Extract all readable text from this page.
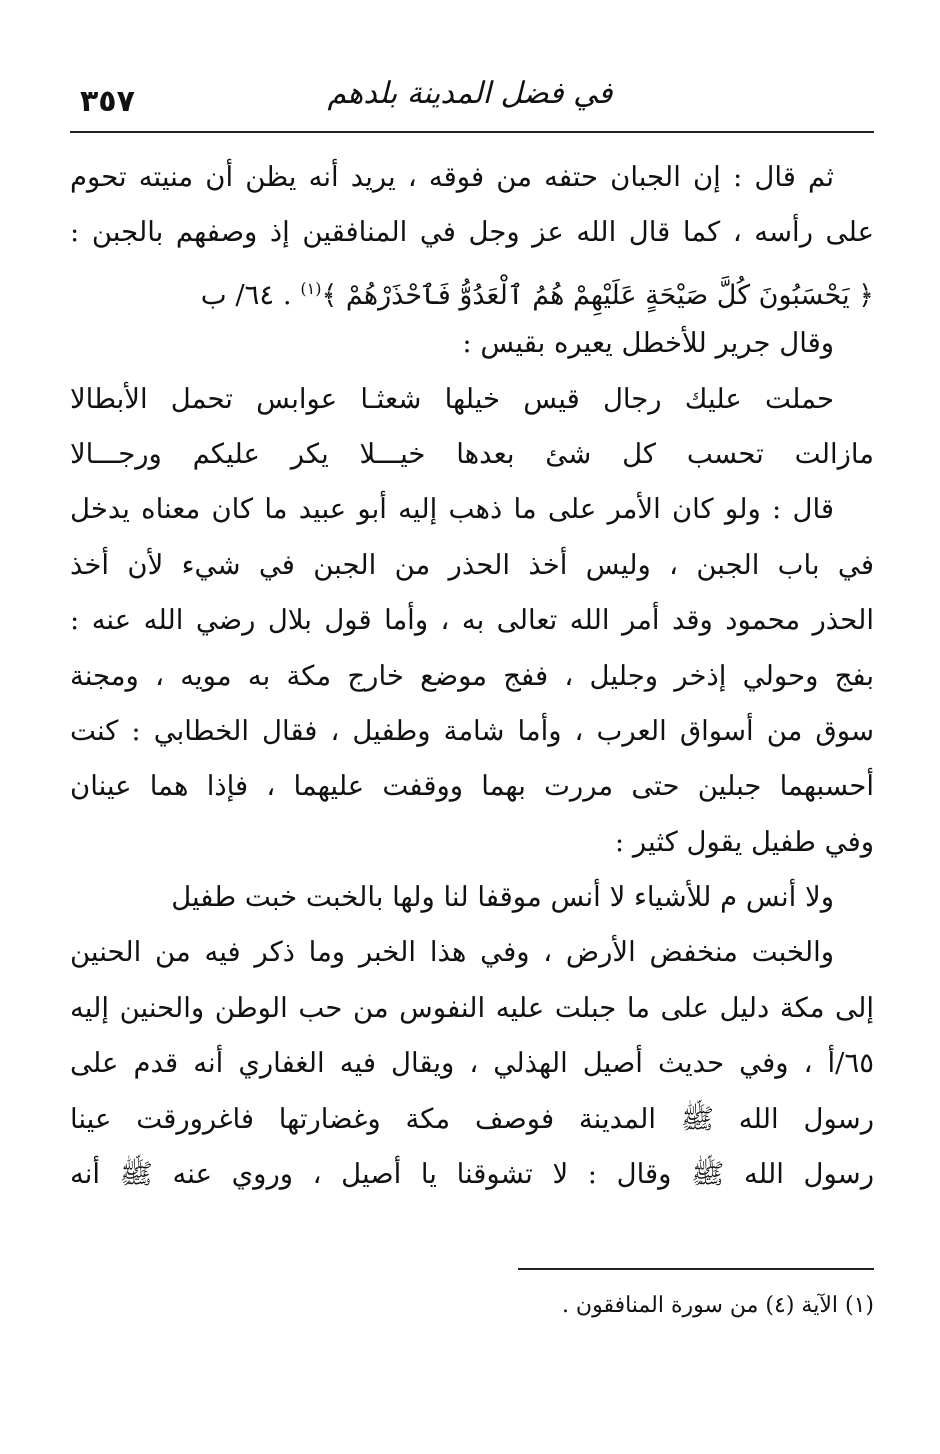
٣٥٧	في فضل المدينة بلدهم
ثم قال : إن الجبان حتفه من فوقه ، يريد أنه يظن أن منيته تحوم
على رأسه ، كما قال الله عز وجل في المنافقين إذ وصفهم بالجبن :
﴿ يَحْسَبُونَ كُلَّ صَيْحَةٍ عَلَيْهِمْ هُمُ ٱلْعَدُوُّ فَٱحْذَرْهُمْ ﴾$^{(١)}$ . ٦٤/ ب
وقال جرير للأخطل يعيره بقيس :
حملت عليك رجال قيس خيلها شعثـا عوابس تحمل الأبطالا
مازالت تحسب كل شئ بعدها خيـــلا يكر عليكم ورجـــالا
قال : ولو كان الأمر على ما ذهب إليه أبو عبيد ما كان معناه يدخل
في باب الجبن ، وليس أخذ الحذر من الجبن في شيء لأن أخذ
الحذر محمود وقد أمر الله تعالى به ، وأما قول بلال رضي الله عنه :
بفج وحولي إذخر وجليل ، ففج موضع خارج مكة به مويه ، ومجنة
سوق من أسواق العرب ، وأما شامة وطفيل ، فقال الخطابي : كنت
أحسبهما جبلين حتى مررت بهما ووقفت عليهما ، فإذا هما عينان
وفي طفيل يقول كثير :
ولا أنس م للأشياء لا أنس موقفا لنا ولها بالخبت خبت طفيل
والخبت منخفض الأرض ، وفي هذا الخبر وما ذكر فيه من الحنين
إلى مكة دليل على ما جبلت عليه النفوس من حب الوطن والحنين إليه
٦٥/أ ، وفي حديث أصيل الهذلي ، ويقال فيه الغفاري أنه قدم على
رسول الله ﷺ المدينة فوصف مكة وغضارتها فاغرورقت عينا
رسول الله ﷺ وقال : لا تشوقنا يا أصيل ، وروي عنه ﷺ أنه
(١) الآية (٤) من سورة المنافقون .
